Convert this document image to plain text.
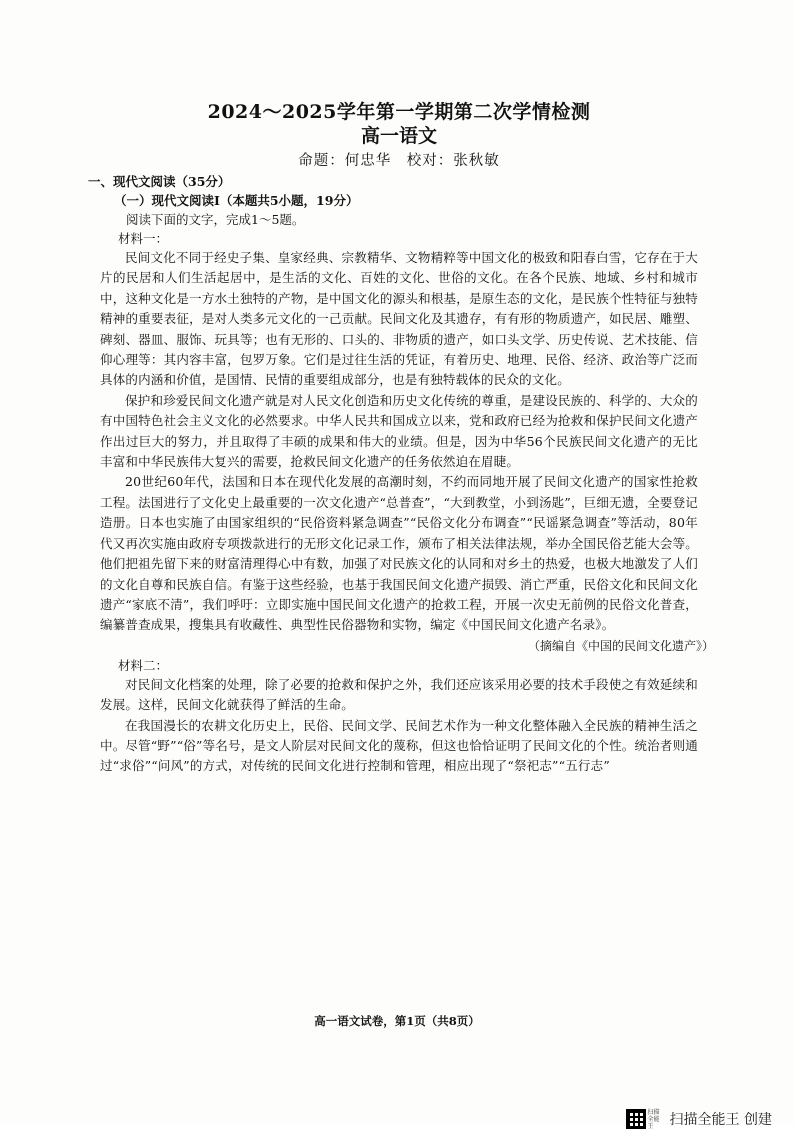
2024～2025学年第一学期第二次学情检测

高一语文

命题：何忠华　校对：张秋敏

一、现代文阅读（35分）
（一）现代文阅读Ⅰ（本题共5小题，19分）
阅读下面的文字，完成1～5题。
材料一：

民间文化不同于经史子集、皇家经典、宗教精华、文物精粹等中国文化的极致和阳春白雪，它存在于大片的民居和人们生活起居中，是生活的文化、百姓的文化、世俗的文化。在各个民族、地域、乡村和城市中，这种文化是一方水土独特的产物，是中国文化的源头和根基，是原生态的文化，是民族个性特征与独特精神的重要表征，是对人类多元文化的一己贡献。民间文化及其遗存，有有形的物质遗产，如民居、雕塑、碑刻、器皿、服饰、玩具等；也有无形的、口头的、非物质的遗产，如口头文学、历史传说、艺术技能、信仰心理等：其内容丰富，包罗万象。它们是过往生活的凭证，有着历史、地理、民俗、经济、政治等广泛而具体的内涵和价值，是国情、民情的重要组成部分，也是有独特载体的民众的文化。

保护和珍爱民间文化遗产就是对人民文化创造和历史文化传统的尊重，是建设民族的、科学的、大众的有中国特色社会主义文化的必然要求。中华人民共和国成立以来，党和政府已经为抢救和保护民间文化遗产作出过巨大的努力，并且取得了丰硕的成果和伟大的业绩。但是，因为中华56个民族民间文化遗产的无比丰富和中华民族伟大复兴的需要，抢救民间文化遗产的任务依然迫在眉睫。

20世纪60年代，法国和日本在现代化发展的高潮时刻，不约而同地开展了民间文化遗产的国家性抢救工程。法国进行了文化史上最重要的一次文化遗产“总普查”，“大到教堂，小到汤匙”，巨细无遗，全要登记造册。日本也实施了由国家组织的“民俗资料紧急调查”“民俗文化分布调查”“民谣紧急调查”等活动，80年代又再次实施由政府专项拨款进行的无形文化记录工作，颁布了相关法律法规，举办全国民俗艺能大会等。他们把祖先留下来的财富清理得心中有数，加强了对民族文化的认同和对乡土的热爱，也极大地激发了人们的文化自尊和民族自信。有鉴于这些经验，也基于我国民间文化遗产损毁、消亡严重，民俗文化和民间文化遗产“家底不清”，我们呼吁：立即实施中国民间文化遗产的抢救工程，开展一次史无前例的民俗文化普查，编纂普查成果，搜集具有收藏性、典型性民俗器物和实物，编定《中国民间文化遗产名录》。

（摘编自《中国的民间文化遗产》）
材料二：

对民间文化档案的处理，除了必要的抢救和保护之外，我们还应该采用必要的技术手段使之有效延续和发展。这样，民间文化就获得了鲜活的生命。

在我国漫长的农耕文化历史上，民俗、民间文学、民间艺术作为一种文化整体融入全民族的精神生活之中。尽管“野”“俗”等名号，是文人阶层对民间文化的蔑称，但这也恰恰证明了民间文化的个性。统治者则通过“求俗”“问风”的方式，对传统的民间文化进行控制和管理，相应出现了“祭祀志”“五行志”

高一语文试卷，第1页（共8页）
扫描全能王	扫描全能王 创建
